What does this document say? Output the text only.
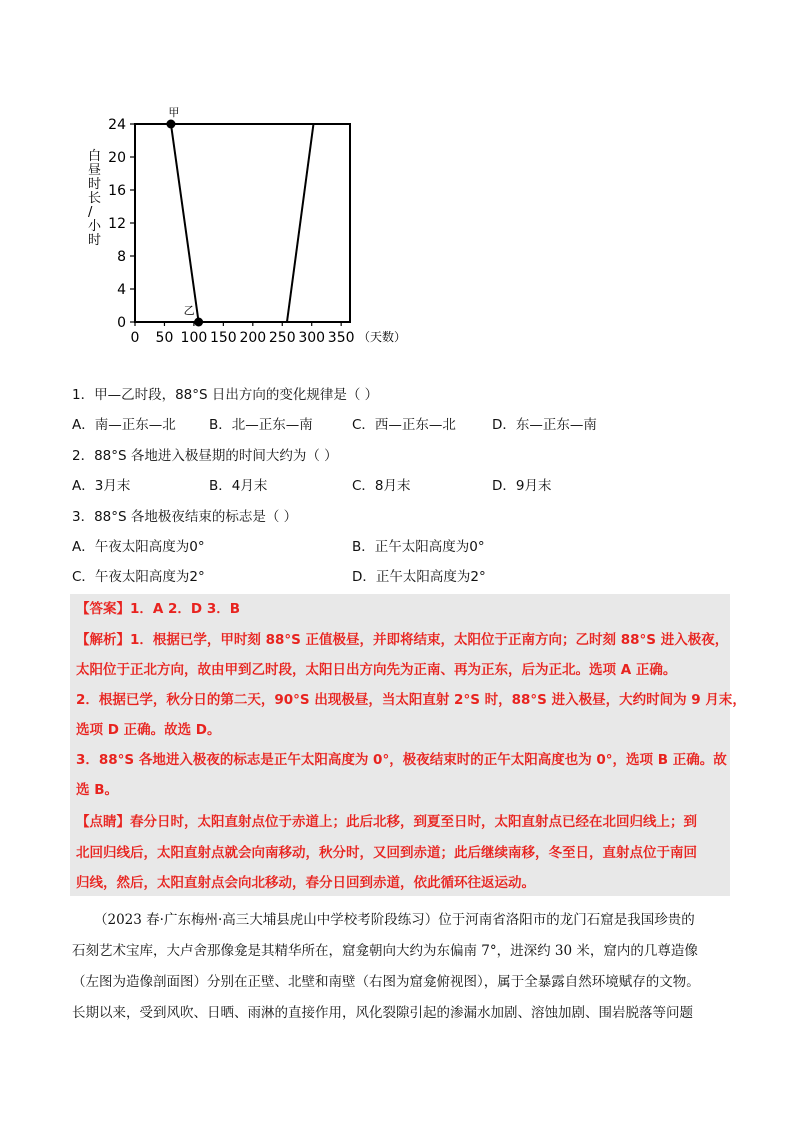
0
4
8
12
16
20
24
0 50 100 150 200 250 300 350
甲
乙
白昼时长/小时
（天数）
1．甲—乙时段，88°S 日出方向的变化规律是（ ）
A．南—正东—北 B．北—正东—南	C．西—正东—北	D．东—正东—南
2．88°S 各地进入极昼期的时间大约为（ ）
A．3月末	B．4月末	C．8月末	D．9月末
3．88°S 各地极夜结束的标志是（ ）
A．午夜太阳高度为0°	B．正午太阳高度为0°
C．午夜太阳高度为2°	D．正午太阳高度为2°
【答案】1．A 2．D 3．B
【解析】1．根据已学，甲时刻 88°S 正值极昼，并即将结束，太阳位于正南方向；乙时刻 88°S 进入极夜，
太阳位于正北方向，故由甲到乙时段，太阳日出方向先为正南、再为正东，后为正北。选项 A 正确。
2．根据已学，秋分日的第二天，90°S 出现极昼，当太阳直射 2°S 时，88°S 进入极昼，大约时间为 9 月末，
选项 D 正确。故选 D。
3．88°S 各地进入极夜的标志是正午太阳高度为 0°，极夜结束时的正午太阳高度也为 0°，选项 B 正确。故
选 B。
【点睛】春分日时，太阳直射点位于赤道上；此后北移，到夏至日时，太阳直射点已经在北回归线上；到
北回归线后，太阳直射点就会向南移动，秋分时，又回到赤道；此后继续南移，冬至日，直射点位于南回
归线，然后，太阳直射点会向北移动，春分日回到赤道，依此循环往返运动。
（2023 春·广东梅州·高三大埔县虎山中学校考阶段练习）位于河南省洛阳市的龙门石窟是我国珍贵的
石刻艺术宝库，大卢舍那像龛是其精华所在，窟龛朝向大约为东偏南 7°，进深约 30 米，窟内的几尊造像
（左图为造像剖面图）分别在正壁、北壁和南壁（右图为窟龛俯视图），属于全暴露自然环境赋存的文物。
长期以来，受到风吹、日晒、雨淋的直接作用，风化裂隙引起的渗漏水加剧、溶蚀加剧、围岩脱落等问题
